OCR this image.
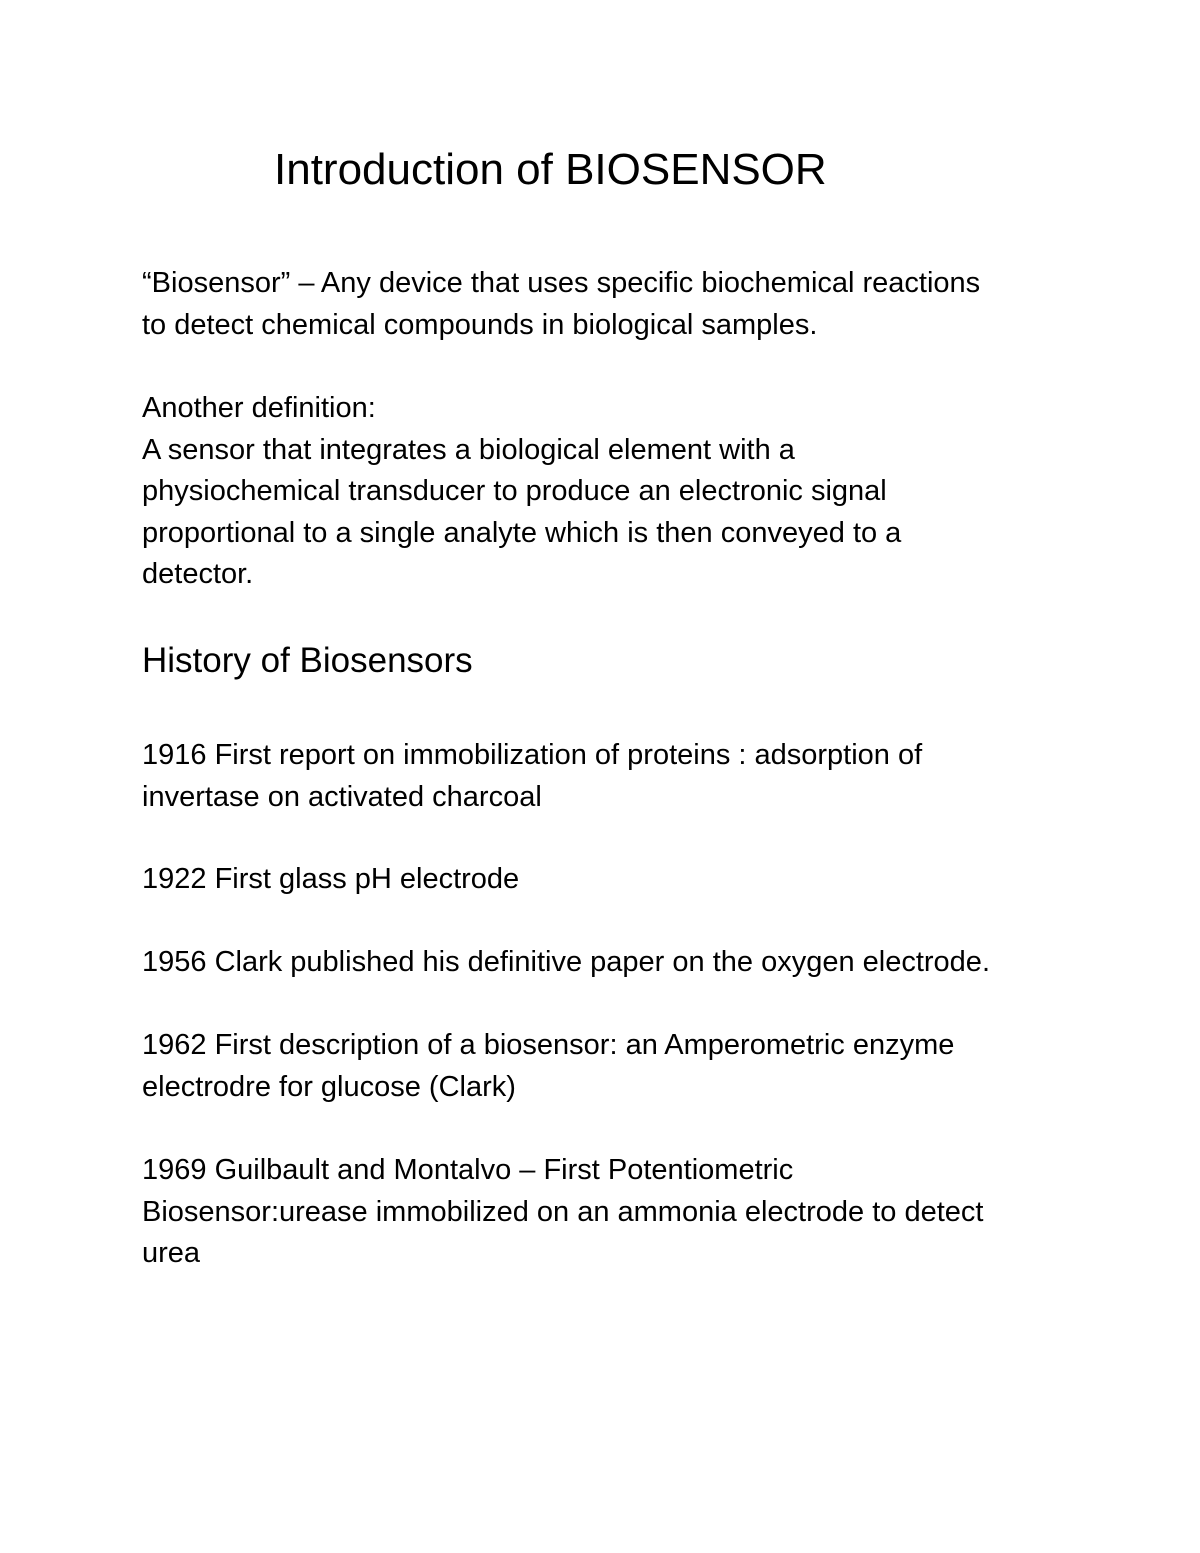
Introduction of BIOSENSOR

“Biosensor” – Any device that uses specific biochemical reactions
to detect chemical compounds in biological samples.

Another definition:
A sensor that integrates a biological element with a
physiochemical transducer to produce an electronic signal
proportional to a single analyte which is then conveyed to a
detector.

History of Biosensors

1916 First report on immobilization of proteins : adsorption of
invertase on activated charcoal

1922 First glass pH electrode

1956 Clark published his definitive paper on the oxygen electrode.

1962 First description of a biosensor: an Amperometric enzyme
electrodre for glucose (Clark)

1969 Guilbault and Montalvo – First Potentiometric
Biosensor:urease immobilized on an ammonia electrode to detect
urea
